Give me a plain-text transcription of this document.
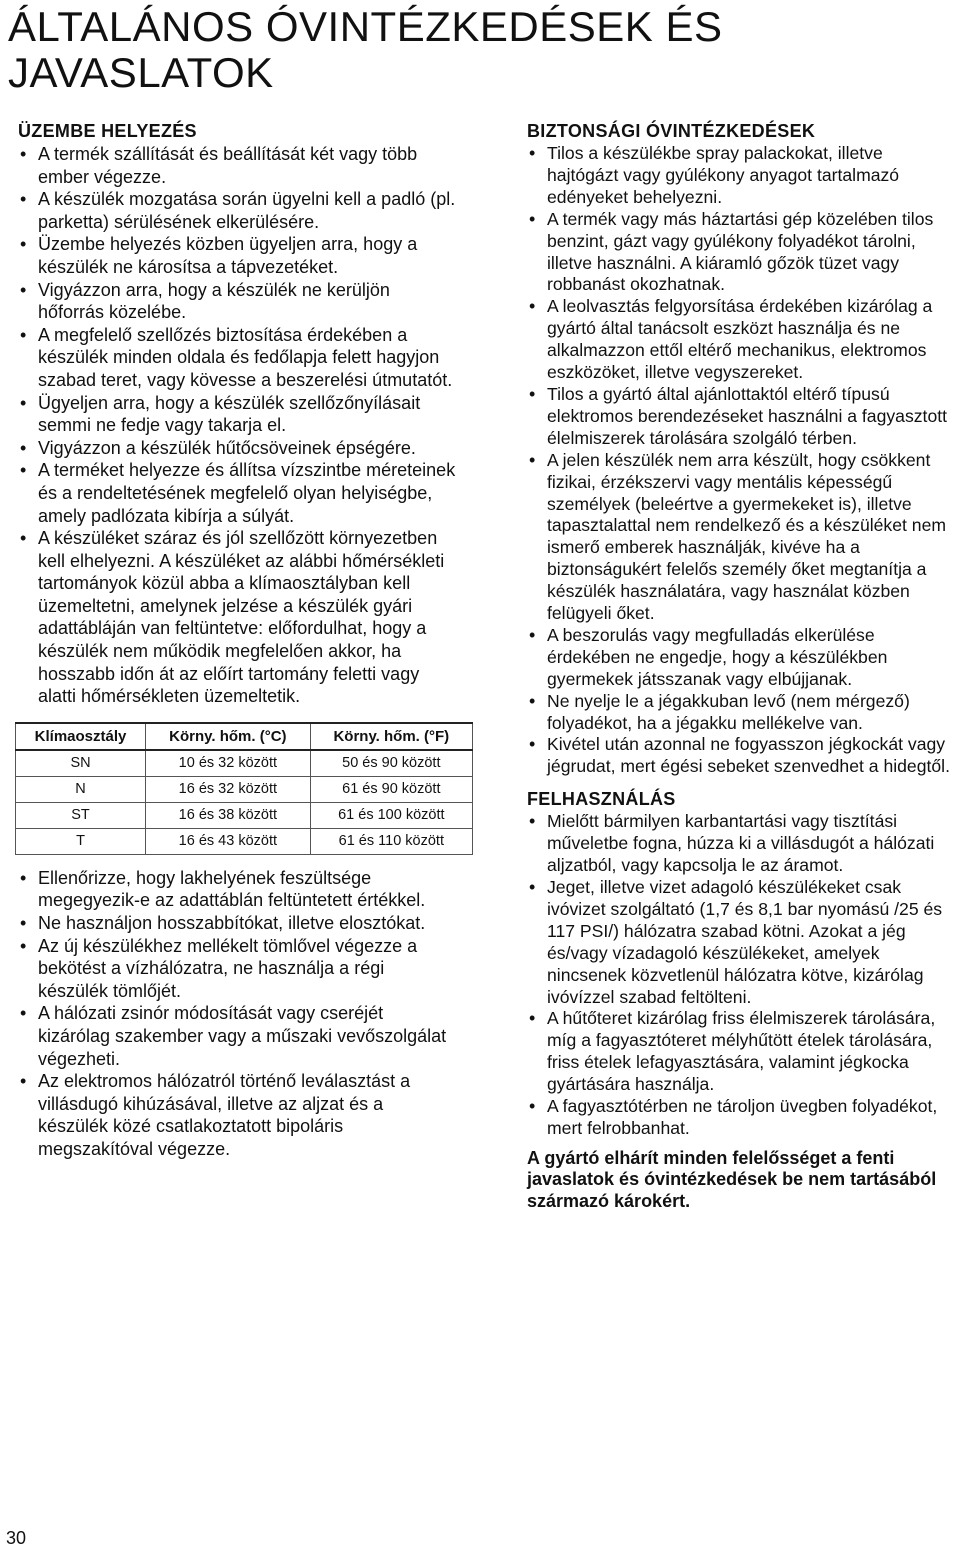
ÁLTALÁNOS ÓVINTÉZKEDÉSEK ÉS JAVASLATOK
ÜZEMBE HELYEZÉS
• A termék szállítását és beállítását két vagy több ember végezze.
• A készülék mozgatása során ügyelni kell a padló (pl. parketta) sérülésének elkerülésére.
• Üzembe helyezés közben ügyeljen arra, hogy a készülék ne károsítsa a tápvezetéket.
• Vigyázzon arra, hogy a készülék ne kerüljön hőforrás közelébe.
• A megfelelő szellőzés biztosítása érdekében a készülék minden oldala és fedőlapja felett hagyjon szabad teret, vagy kövesse a beszerelési útmutatót.
• Ügyeljen arra, hogy a készülék szellőzőnyílásait semmi ne fedje vagy takarja el.
• Vigyázzon a készülék hűtőcsöveinek épségére.
• A terméket helyezze és állítsa vízszintbe méreteinek és a rendeltetésének megfelelő olyan helyiségbe, amely padlózata kibírja a súlyát.
• A készüléket száraz és jól szellőzött környezetben kell elhelyezni. A készüléket az alábbi hőmérsékleti tartományok közül abba a klímaosztályban kell üzemeltetni, amelynek jelzése a készülék gyári adattábláján van feltüntetve: előfordulhat, hogy a készülék nem működik megfelelően akkor, ha hosszabb időn át az előírt tartomány feletti vagy alatti hőmérsékleten üzemeltetik.
Klímaosztály	Körny. hőm. (°C)	Körny. hőm. (°F)
SN	10 és 32 között	50 és 90 között
N	16 és 32 között	61 és 90 között
ST	16 és 38 között	61 és 100 között
T	16 és 43 között	61 és 110 között
• Ellenőrizze, hogy lakhelyének feszültsége megegyezik-e az adattáblán feltüntetett értékkel.
• Ne használjon hosszabbítókat, illetve elosztókat.
• Az új készülékhez mellékelt tömlővel végezze a bekötést a vízhálózatra, ne használja a régi készülék tömlőjét.
• A hálózati zsinór módosítását vagy cseréjét kizárólag szakember vagy a műszaki vevőszolgálat végezheti.
• Az elektromos hálózatról történő leválasztást a villásdugó kihúzásával, illetve az aljzat és a készülék közé csatlakoztatott bipoláris megszakítóval végezze.
BIZTONSÁGI ÓVINTÉZKEDÉSEK
• Tilos a készülékbe spray palackokat, illetve hajtógázt vagy gyúlékony anyagot tartalmazó edényeket behelyezni.
• A termék vagy más háztartási gép közelében tilos benzint, gázt vagy gyúlékony folyadékot tárolni, illetve használni. A kiáramló gőzök tüzet vagy robbanást okozhatnak.
• A leolvasztás felgyorsítása érdekében kizárólag a gyártó által tanácsolt eszközt használja és ne alkalmazzon ettől eltérő mechanikus, elektromos eszközöket, illetve vegyszereket.
• Tilos a gyártó által ajánlottaktól eltérő típusú elektromos berendezéseket használni a fagyasztott élelmiszerek tárolására szolgáló térben.
• A jelen készülék nem arra készült, hogy csökkent fizikai, érzékszervi vagy mentális képességű személyek (beleértve a gyermekeket is), illetve tapasztalattal nem rendelkező és a készüléket nem ismerő emberek használják, kivéve ha a biztonságukért felelős személy őket megtanítja a készülék használatára, vagy használat közben felügyeli őket.
• A beszorulás vagy megfulladás elkerülése érdekében ne engedje, hogy a készülékben gyermekek játsszanak vagy elbújjanak.
• Ne nyelje le a jégakkuban levő (nem mérgező) folyadékot, ha a jégakku mellékelve van.
• Kivétel után azonnal ne fogyasszon jégkockát vagy jégrudat, mert égési sebeket szenvedhet a hidegtől.
FELHASZNÁLÁS
• Mielőtt bármilyen karbantartási vagy tisztítási műveletbe fogna, húzza ki a villásdugót a hálózati aljzatból, vagy kapcsolja le az áramot.
• Jeget, illetve vizet adagoló készülékeket csak ivóvizet szolgáltató (1,7 és 8,1 bar nyomású /25 és 117 PSI/) hálózatra szabad kötni. Azokat a jég és/vagy vízadagoló készülékeket, amelyek nincsenek közvetlenül hálózatra kötve, kizárólag ivóvízzel szabad feltölteni.
• A hűtőteret kizárólag friss élelmiszerek tárolására, míg a fagyasztóteret mélyhűtött ételek tárolására, friss ételek lefagyasztására, valamint jégkocka gyártására használja.
• A fagyasztótérben ne tároljon üvegben folyadékot, mert felrobbanhat.

A gyártó elhárít minden felelősséget a fenti javaslatok és óvintézkedések be nem tartásából származó károkért.

30
